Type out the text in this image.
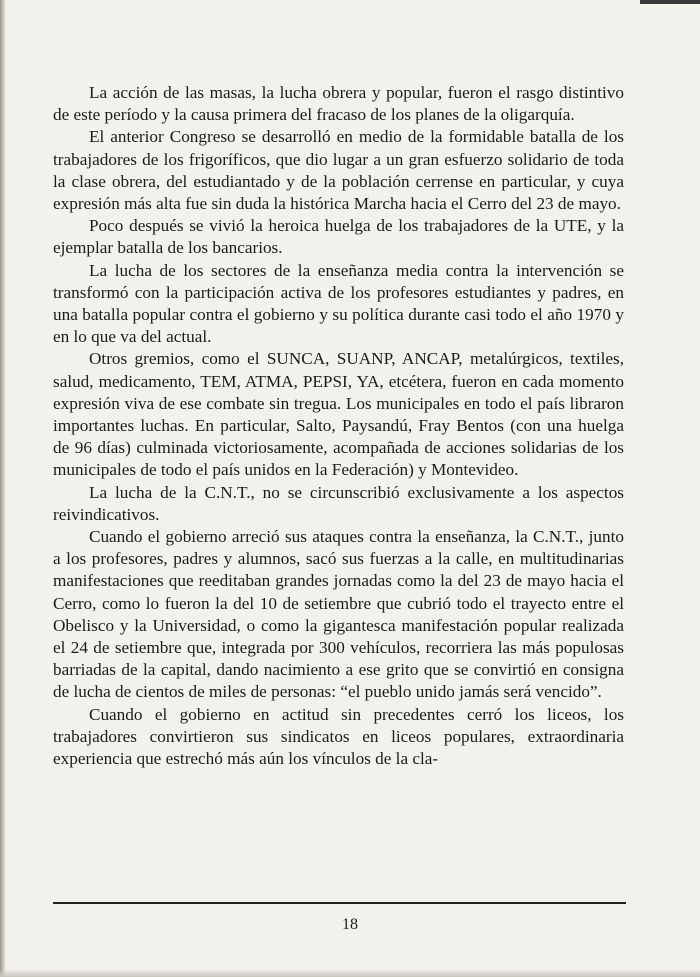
La acción de las masas, la lucha obrera y popular, fueron el rasgo distintivo de este período y la causa primera del fracaso de los planes de la oligarquía.

El anterior Congreso se desarrolló en medio de la formidable batalla de los trabajadores de los frigoríficos, que dio lugar a un gran esfuerzo solidario de toda la clase obrera, del estudiantado y de la población cerrense en particular, y cuya expresión más alta fue sin duda la histórica Marcha hacia el Cerro del 23 de mayo.

Poco después se vivió la heroica huelga de los trabajadores de la UTE, y la ejemplar batalla de los bancarios.

La lucha de los sectores de la enseñanza media contra la intervención se transformó con la participación activa de los profesores estudiantes y padres, en una batalla popular contra el gobierno y su política durante casi todo el año 1970 y en lo que va del actual.

Otros gremios, como el SUNCA, SUANP, ANCAP, metalúrgicos, textiles, salud, medicamento, TEM, ATMA, PEPSI, YA, etcétera, fueron en cada momento expresión viva de ese combate sin tregua. Los municipales en todo el país libraron importantes luchas. En particular, Salto, Paysandú, Fray Bentos (con una huelga de 96 días) culminada victoriosamente, acompañada de acciones solidarias de los municipales de todo el país unidos en la Federación) y Montevideo.

La lucha de la C.N.T., no se circunscribió exclusivamente a los aspectos reivindicativos.

Cuando el gobierno arreció sus ataques contra la enseñanza, la C.N.T., junto a los profesores, padres y alumnos, sacó sus fuerzas a la calle, en multitudinarias manifestaciones que reeditaban grandes jornadas como la del 23 de mayo hacia el Cerro, como lo fueron la del 10 de setiembre que cubrió todo el trayecto entre el Obelisco y la Universidad, o como la gigantesca manifestación popular realizada el 24 de setiembre que, integrada por 300 vehículos, recorriera las más populosas barriadas de la capital, dando nacimiento a ese grito que se convirtió en consigna de lucha de cientos de miles de personas: “el pueblo unido jamás será vencido”.

Cuando el gobierno en actitud sin precedentes cerró los liceos, los trabajadores convirtieron sus sindicatos en liceos populares, extraordinaria experiencia que estrechó más aún los vínculos de la cla-

18
